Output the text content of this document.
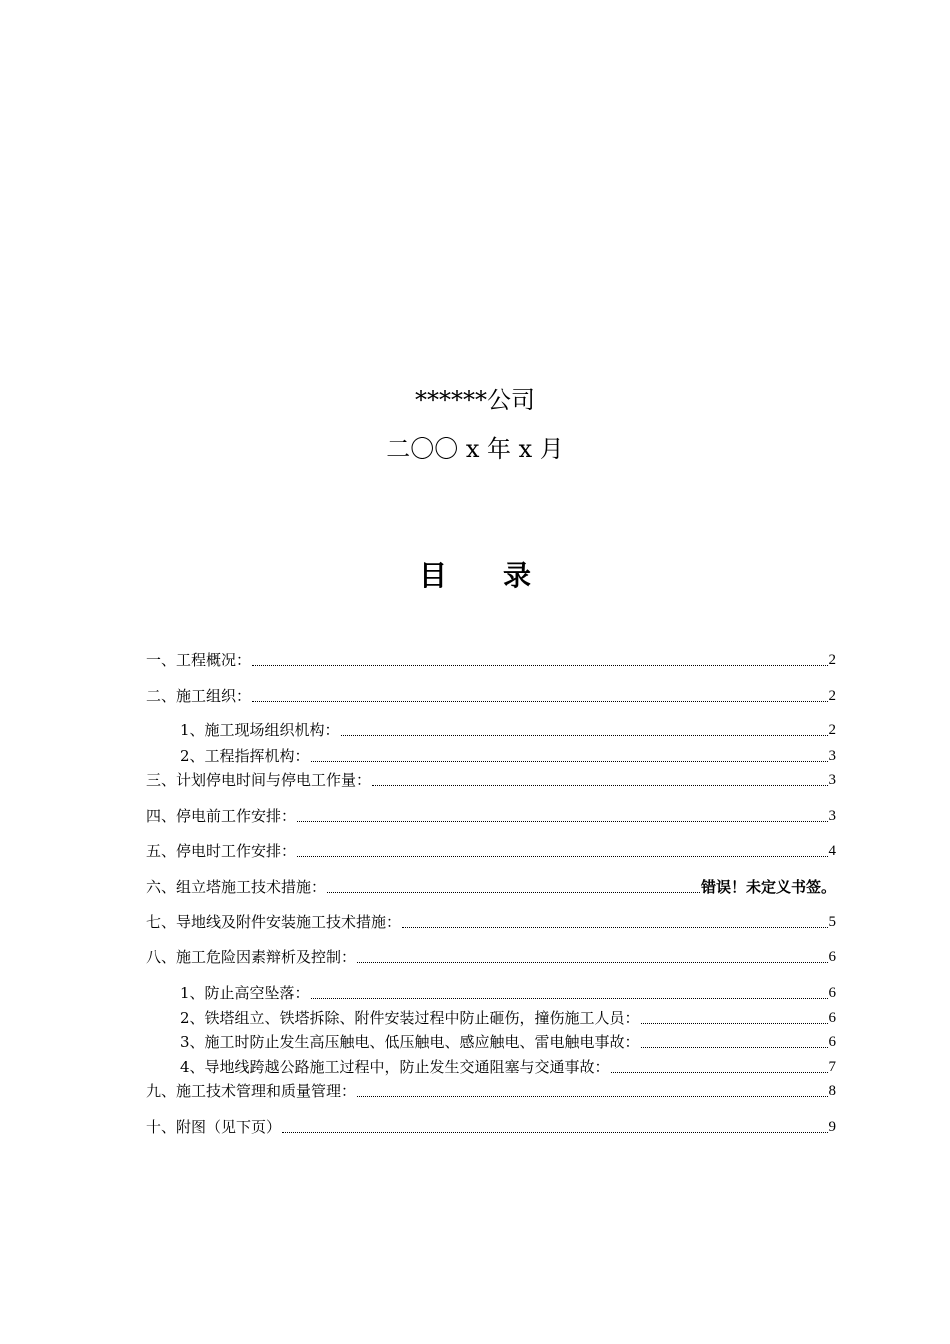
******公司
二〇〇 x 年 x 月
目 录
一、工程概况：	2
二、施工组织：	2
1、施工现场组织机构：	2
2、工程指挥机构：	3
三、计划停电时间与停电工作量：	3
四、停电前工作安排：	3
五、停电时工作安排：	4
六、组立塔施工技术措施：	错误！未定义书签。
七、导地线及附件安装施工技术措施：	5
八、施工危险因素辩析及控制：	6
1、防止高空坠落：	6
2、铁塔组立、铁塔拆除、附件安装过程中防止砸伤，撞伤施工人员：	6
3、施工时防止发生高压触电、低压触电、感应触电、雷电触电事故：	6
4、导地线跨越公路施工过程中，防止发生交通阻塞与交通事故：	7
九、施工技术管理和质量管理：	8
十、附图（见下页）	9
